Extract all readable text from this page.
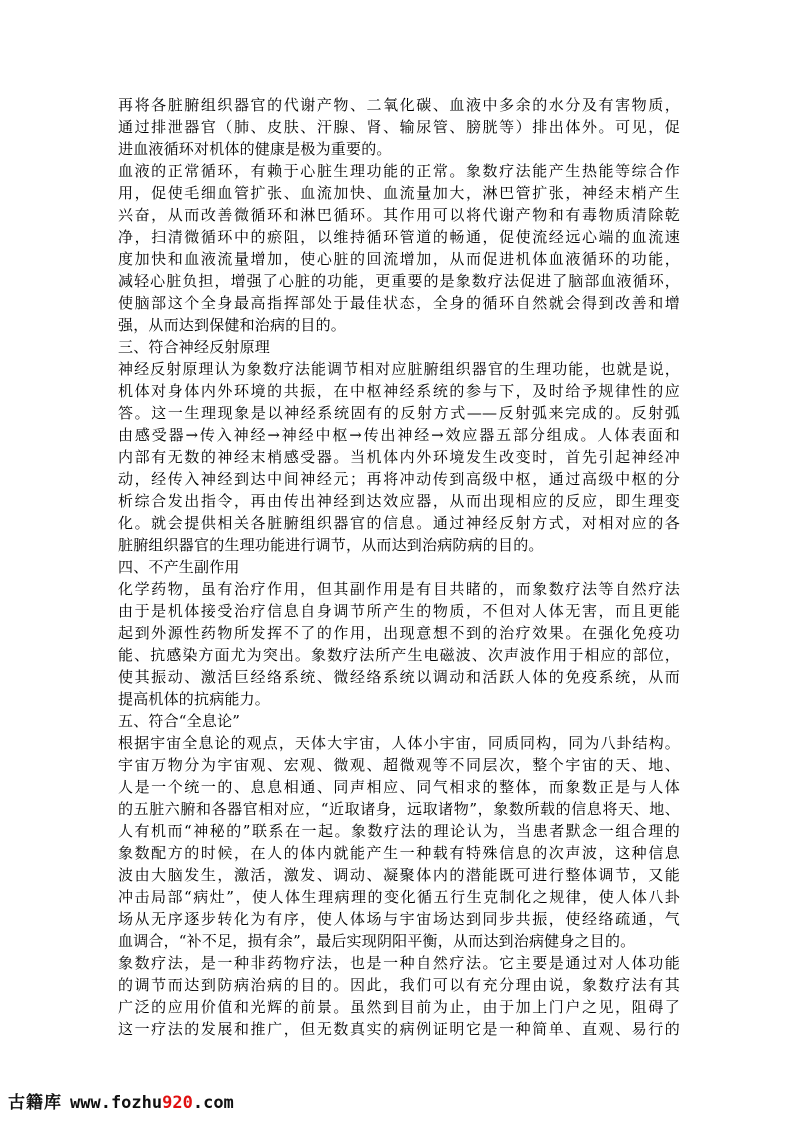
再将各脏腑组织器官的代谢产物、二氧化碳、血液中多余的水分及有害物质，
通过排泄器官（肺、皮肤、汗腺、肾、输尿管、膀胱等）排出体外。可见，促
进血液循环对机体的健康是极为重要的。
血液的正常循环，有赖于心脏生理功能的正常。象数疗法能产生热能等综合作
用，促使毛细血管扩张、血流加快、血流量加大，淋巴管扩张，神经末梢产生
兴奋，从而改善微循环和淋巴循环。其作用可以将代谢产物和有毒物质清除乾
净，扫清微循环中的瘀阻，以维持循环管道的畅通，促使流经远心端的血流速
度加快和血液流量增加，使心脏的回流增加，从而促进机体血液循环的功能，
减轻心脏负担，增强了心脏的功能，更重要的是象数疗法促进了脑部血液循环，
使脑部这个全身最高指挥部处于最佳状态，全身的循环自然就会得到改善和增
强，从而达到保健和治病的目的。
三、符合神经反射原理
神经反射原理认为象数疗法能调节相对应脏腑组织器官的生理功能，也就是说，
机体对身体内外环境的共振，在中枢神经系统的参与下，及时给予规律性的应
答。这一生理现象是以神经系统固有的反射方式——反射弧来完成的。反射弧
由感受器→传入神经→神经中枢→传出神经→效应器五部分组成。人体表面和
内部有无数的神经末梢感受器。当机体内外环境发生改变时，首先引起神经冲
动，经传入神经到达中间神经元；再将冲动传到高级中枢，通过高级中枢的分
析综合发出指令，再由传出神经到达效应器，从而出现相应的反应，即生理变
化。就会提供相关各脏腑组织器官的信息。通过神经反射方式，对相对应的各
脏腑组织器官的生理功能进行调节，从而达到治病防病的目的。
四、不产生副作用
化学药物，虽有治疗作用，但其副作用是有目共睹的，而象数疗法等自然疗法
由于是机体接受治疗信息自身调节所产生的物质，不但对人体无害，而且更能
起到外源性药物所发挥不了的作用，出现意想不到的治疗效果。在强化免疫功
能、抗感染方面尤为突出。象数疗法所产生电磁波、次声波作用于相应的部位，
使其振动、激活巨经络系统、微经络系统以调动和活跃人体的免疫系统，从而
提高机体的抗病能力。
五、符合“全息论”
根据宇宙全息论的观点，天体大宇宙，人体小宇宙，同质同构，同为八卦结构。
宇宙万物分为宇宙观、宏观、微观、超微观等不同层次，整个宇宙的天、地、
人是一个统一的、息息相通、同声相应、同气相求的整体，而象数正是与人体
的五脏六腑和各器官相对应，“近取诸身，远取诸物”，象数所载的信息将天、地、
人有机而“神秘的”联系在一起。象数疗法的理论认为，当患者默念一组合理的
象数配方的时候，在人的体内就能产生一种载有特殊信息的次声波，这种信息
波由大脑发生，激活，激发、调动、凝聚体内的潜能既可进行整体调节，又能
冲击局部“病灶”，使人体生理病理的变化循五行生克制化之规律，使人体八卦
场从无序逐步转化为有序，使人体场与宇宙场达到同步共振，使经络疏通，气
血调合，“补不足，损有余”，最后实现阴阳平衡，从而达到治病健身之目的。
象数疗法，是一种非药物疗法，也是一种自然疗法。它主要是通过对人体功能
的调节而达到防病治病的目的。因此，我们可以有充分理由说，象数疗法有其
广泛的应用价值和光辉的前景。虽然到目前为止，由于加上门户之见，阻碍了
这一疗法的发展和推广，但无数真实的病例证明它是一种简单、直观、易行的
古籍库 www.fozhu920.com
